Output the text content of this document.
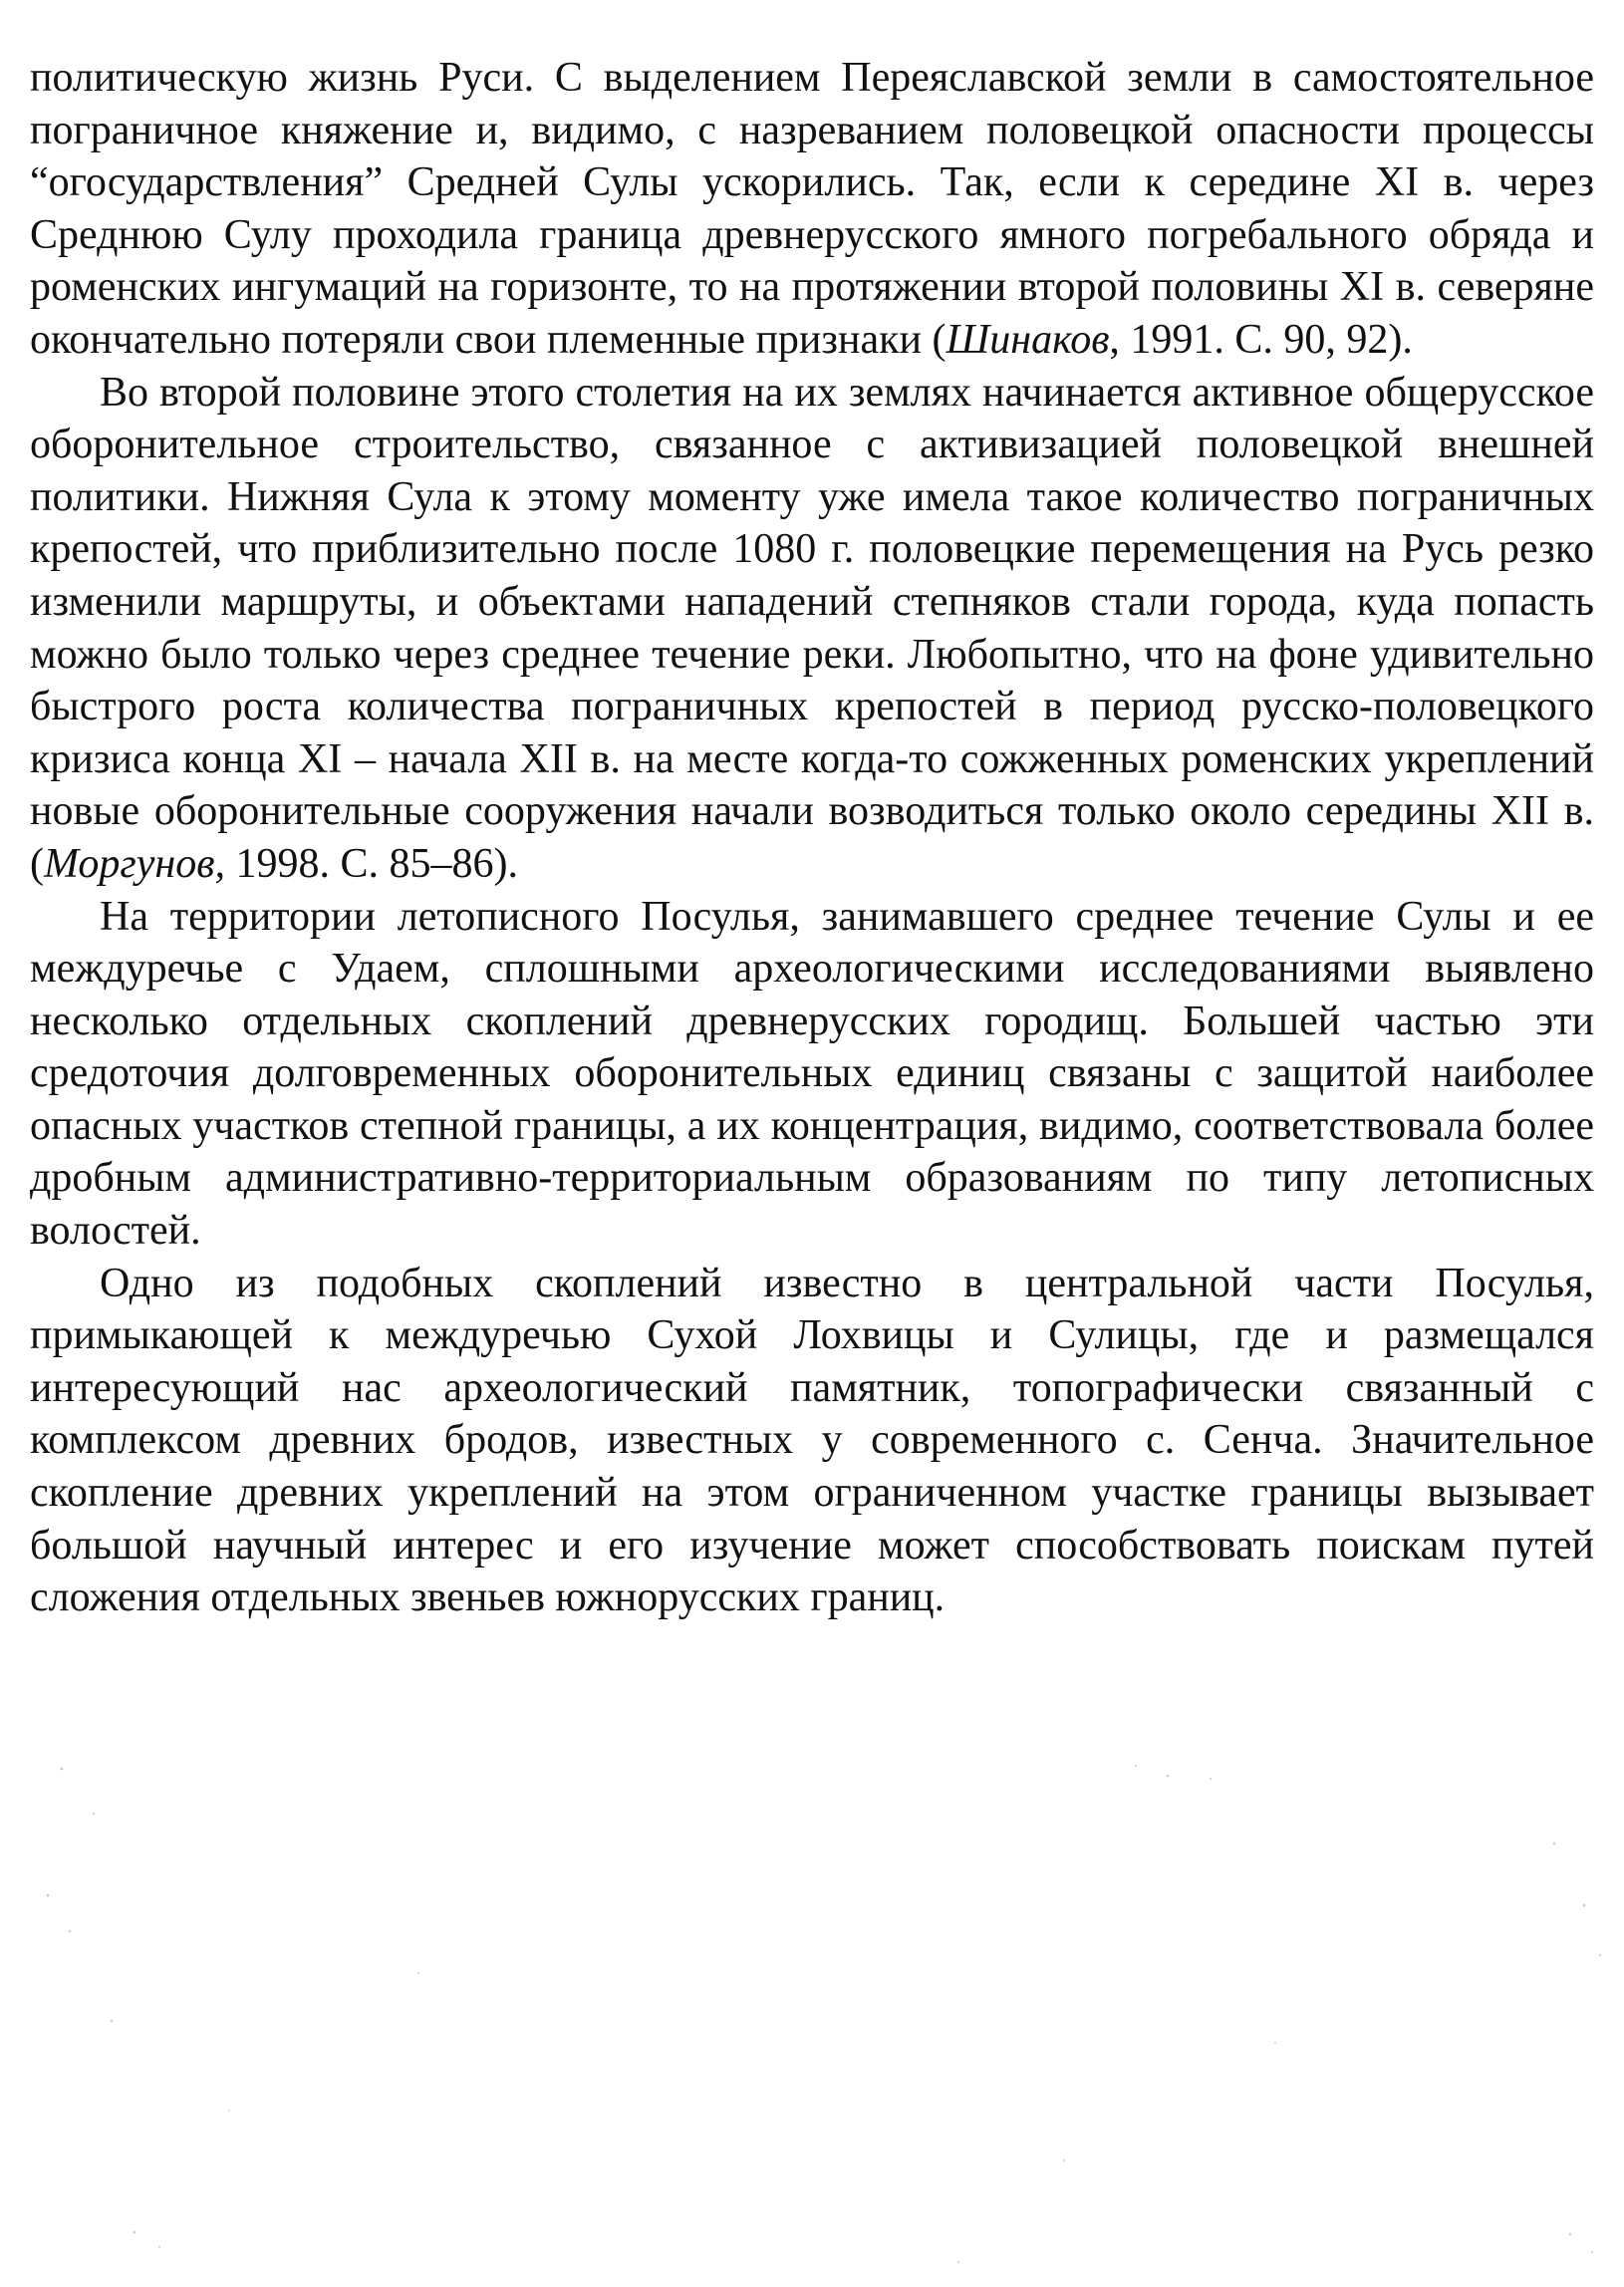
политическую жизнь Руси. С выделением Переяславской земли в самостоятельное пограничное княжение и, видимо, с назреванием половецкой опасности процессы “огосударствления” Средней Сулы ускорились. Так, если к середине XI в. через Среднюю Сулу проходила граница древнерусского ямного погребального обряда и роменских ингумаций на горизонте, то на протяжении второй половины XI в. северяне окончательно потеряли свои племенные признаки (Шинаков, 1991. С. 90, 92).

Во второй половине этого столетия на их землях начинается активное общерусское оборонительное строительство, связанное с активизацией половецкой внешней политики. Нижняя Сула к этому моменту уже имела такое количество пограничных крепостей, что приблизительно после 1080 г. половецкие перемещения на Русь резко изменили маршруты, и объектами нападений степняков стали города, куда попасть можно было только через среднее течение реки. Любопытно, что на фоне удивительно быстрого роста количества пограничных крепостей в период русско-половецкого кризиса конца XI – начала XII в. на месте когда-то сожженных роменских укреплений новые оборонительные сооружения начали возводиться только около середины XII в. (Моргунов, 1998. С. 85–86).

На территории летописного Посулья, занимавшего среднее течение Сулы и ее междуречье с Удаем, сплошными археологическими исследованиями выявлено несколько отдельных скоплений древнерусских городищ. Большей частью эти средоточия долговременных оборонительных единиц связаны с защитой наиболее опасных участков степной границы, а их концентрация, видимо, соответствовала более дробным административно-территориальным образованиям по типу летописных волостей.

Одно из подобных скоплений известно в центральной части Посулья, примыкающей к междуречью Сухой Лохвицы и Сулицы, где и размещался интересующий нас археологический памятник, топографически связанный с комплексом древних бродов, известных у современного с. Сенча. Значительное скопление древних укреплений на этом ограниченном участке границы вызывает большой научный интерес и его изучение может способствовать поискам путей сложения отдельных звеньев южнорусских границ.
